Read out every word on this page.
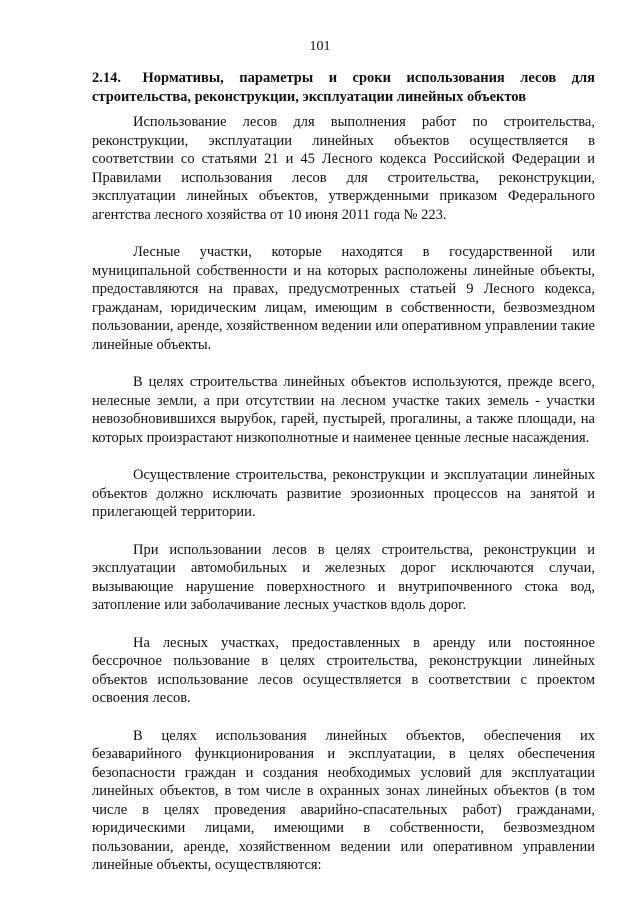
101
2.14. Нормативы, параметры и сроки использования лесов для строительства, реконструкции, эксплуатации линейных объектов

Использование лесов для выполнения работ по строительства, реконструкции, эксплуатации линейных объектов осуществляется в соответствии со статьями 21 и 45 Лесного кодекса Российской Федерации и Правилами использования лесов для строительства, реконструкции, эксплуатации линейных объектов, утвержденными приказом Федерального агентства лесного хозяйства от 10 июня 2011 года № 223.

Лесные участки, которые находятся в государственной или муниципальной собственности и на которых расположены линейные объекты, предоставляются на правах, предусмотренных статьей 9 Лесного кодекса, гражданам, юридическим лицам, имеющим в собственности, безвозмездном пользовании, аренде, хозяйственном ведении или оперативном управлении такие линейные объекты.

В целях строительства линейных объектов используются, прежде всего, нелесные земли, а при отсутствии на лесном участке таких земель - участки невозобновившихся вырубок, гарей, пустырей, прогалины, а также площади, на которых произрастают низкополнотные и наименее ценные лесные насаждения.

Осуществление строительства, реконструкции и эксплуатации линейных объектов должно исключать развитие эрозионных процессов на занятой и прилегающей территории.

При использовании лесов в целях строительства, реконструкции и эксплуатации автомобильных и железных дорог исключаются случаи, вызывающие нарушение поверхностного и внутрипочвенного стока вод, затопление или заболачивание лесных участков вдоль дорог.

На лесных участках, предоставленных в аренду или постоянное бессрочное пользование в целях строительства, реконструкции линейных объектов использование лесов осуществляется в соответствии с проектом освоения лесов.

В целях использования линейных объектов, обеспечения их безаварийного функционирования и эксплуатации, в целях обеспечения безопасности граждан и создания необходимых условий для эксплуатации линейных объектов, в том числе в охранных зонах линейных объектов (в том числе в целях проведения аварийно-спасательных работ) гражданами, юридическими лицами, имеющими в собственности, безвозмездном пользовании, аренде, хозяйственном ведении или оперативном управлении линейные объекты, осуществляются:
